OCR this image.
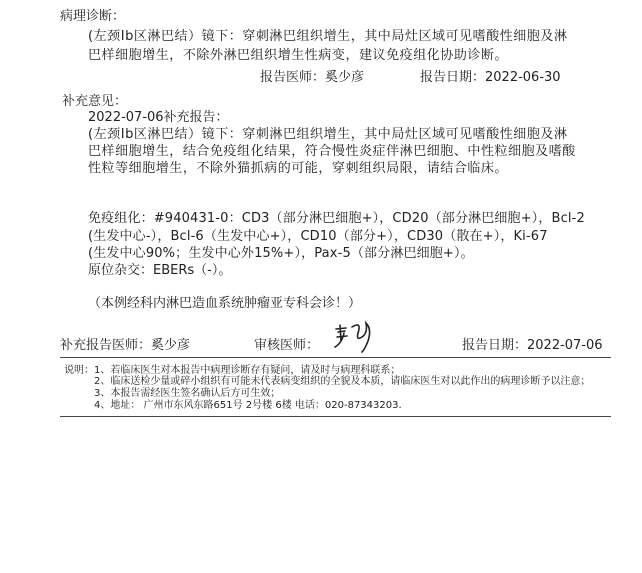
病理诊断：
(左颈Ib区淋巴结）镜下：穿刺淋巴组织增生，其中局灶区域可见嗜酸性细胞及淋
巴样细胞增生，不除外淋巴组织增生性病变，建议免疫组化协助诊断。
报告医师：奚少彦	报告日期：2022-06-30
补充意见：
2022-07-06补充报告：
(左颈Ib区淋巴结）镜下：穿刺淋巴组织增生，其中局灶区域可见嗜酸性细胞及淋
巴样细胞增生，结合免疫组化结果，符合慢性炎症伴淋巴细胞、中性粒细胞及嗜酸
性粒等细胞增生，不除外猫抓病的可能，穿刺组织局限，请结合临床。
免疫组化：#940431-0：CD3（部分淋巴细胞+），CD20（部分淋巴细胞+），Bcl-2
(生发中心-），Bcl-6（生发中心+），CD10（部分+），CD30（散在+），Ki-67
(生发中心90%；生发中心外15%+），Pax-5（部分淋巴细胞+）。
原位杂交：EBERs（-）。
（本例经科内淋巴造血系统肿瘤亚专科会诊！）
补充报告医师：奚少彦	审核医师：	报告日期：2022-07-06
说明： 1、若临床医生对本报告中病理诊断存有疑问，请及时与病理科联系；
2、临床送检少量或碎小组织有可能未代表病变组织的全貌及本质，请临床医生对以此作出的病理诊断予以注意；
3、本报告需经医生签名确认后方可生效；
4、地址： 广州市东风东路651号 2号楼 6楼 电话：020-87343203.
